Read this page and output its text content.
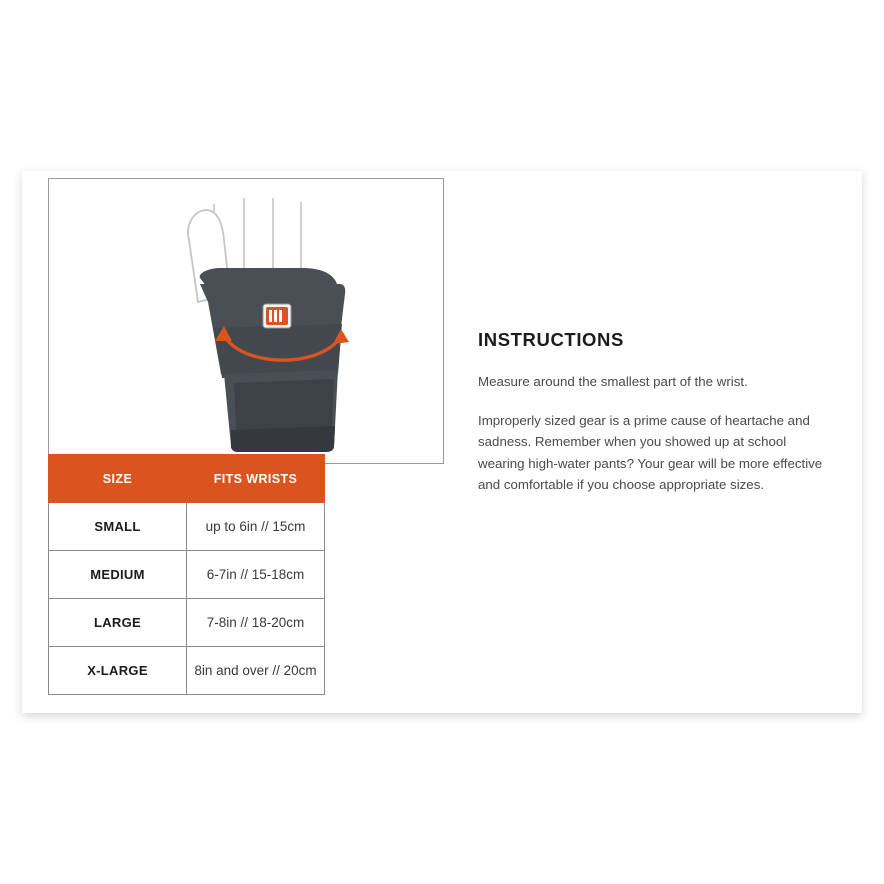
SIZE	FITS WRISTS
SMALL	up to 6in // 15cm
MEDIUM	6-7in // 15-18cm
LARGE	7-8in // 18-20cm
X-LARGE	8in and over // 20cm
INSTRUCTIONS

Measure around the smallest part of the wrist.

Improperly sized gear is a prime cause of heartache and sadness. Remember when you showed up at school wearing high-water pants? Your gear will be more effective and comfortable if you choose appropriate sizes.
